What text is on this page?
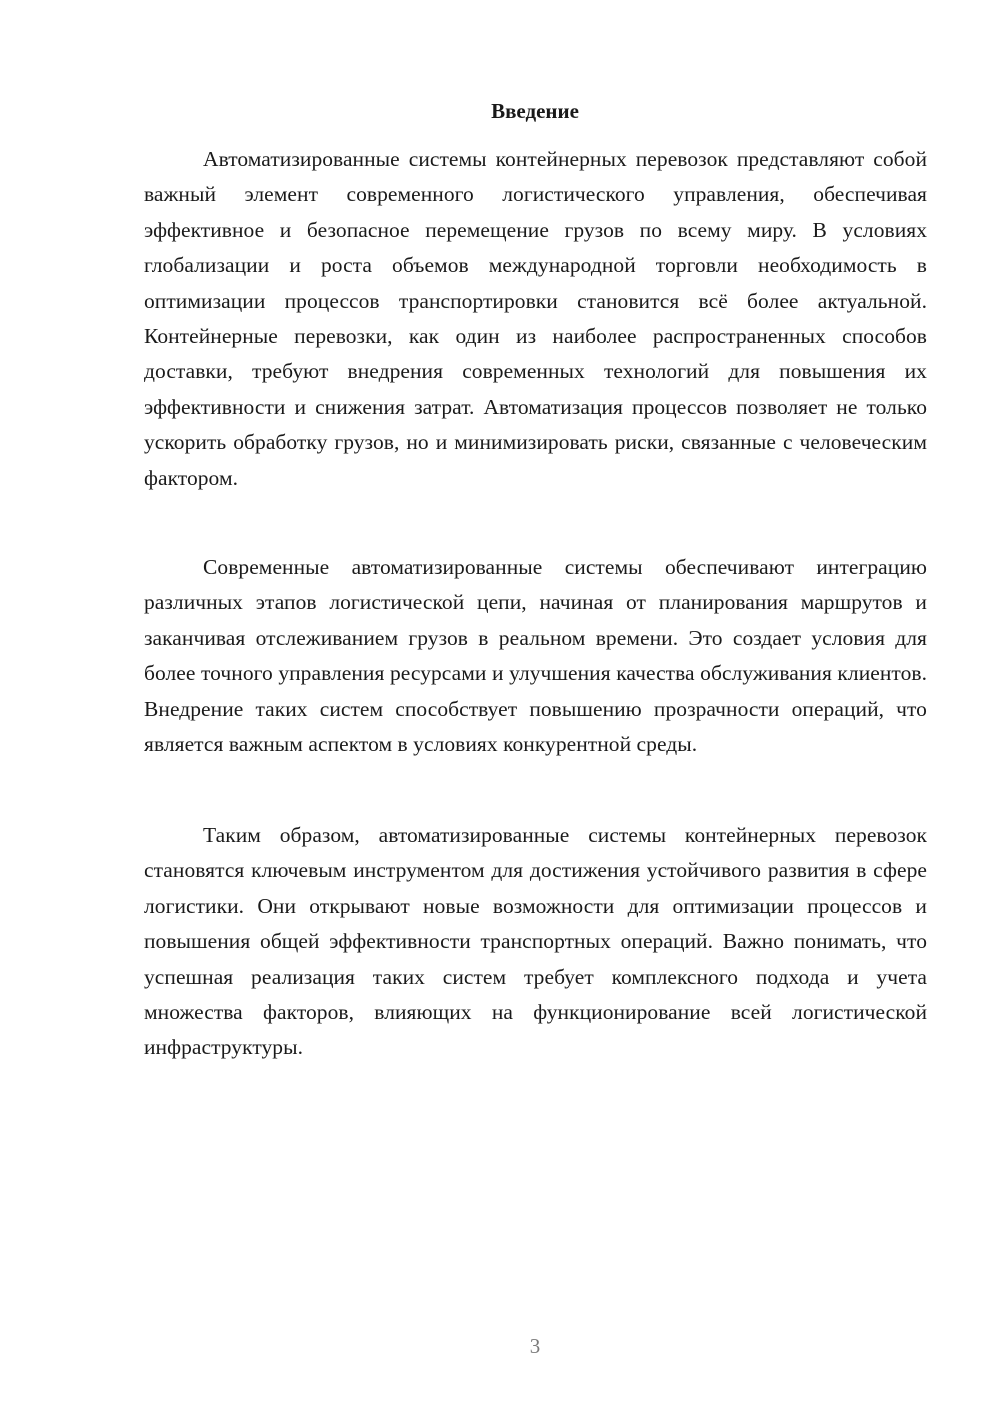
Введение

Автоматизированные системы контейнерных перевозок представляют собой важный элемент современного логистического управления, обеспечивая эффективное и безопасное перемещение грузов по всему миру. В условиях глобализации и роста объемов международной торговли необходимость в оптимизации процессов транспортировки становится всё более актуальной. Контейнерные перевозки, как один из наиболее распространенных способов доставки, требуют внедрения современных технологий для повышения их эффективности и снижения затрат. Автоматизация процессов позволяет не только ускорить обработку грузов, но и минимизировать риски, связанные с человеческим фактором.

Современные автоматизированные системы обеспечивают интеграцию различных этапов логистической цепи, начиная от планирования маршрутов и заканчивая отслеживанием грузов в реальном времени. Это создает условия для более точного управления ресурсами и улучшения качества обслуживания клиентов. Внедрение таких систем способствует повышению прозрачности операций, что является важным аспектом в условиях конкурентной среды.

Таким образом, автоматизированные системы контейнерных перевозок становятся ключевым инструментом для достижения устойчивого развития в сфере логистики. Они открывают новые возможности для оптимизации процессов и повышения общей эффективности транспортных операций. Важно понимать, что успешная реализация таких систем требует комплексного подхода и учета множества факторов, влияющих на функционирование всей логистической инфраструктуры.

3
